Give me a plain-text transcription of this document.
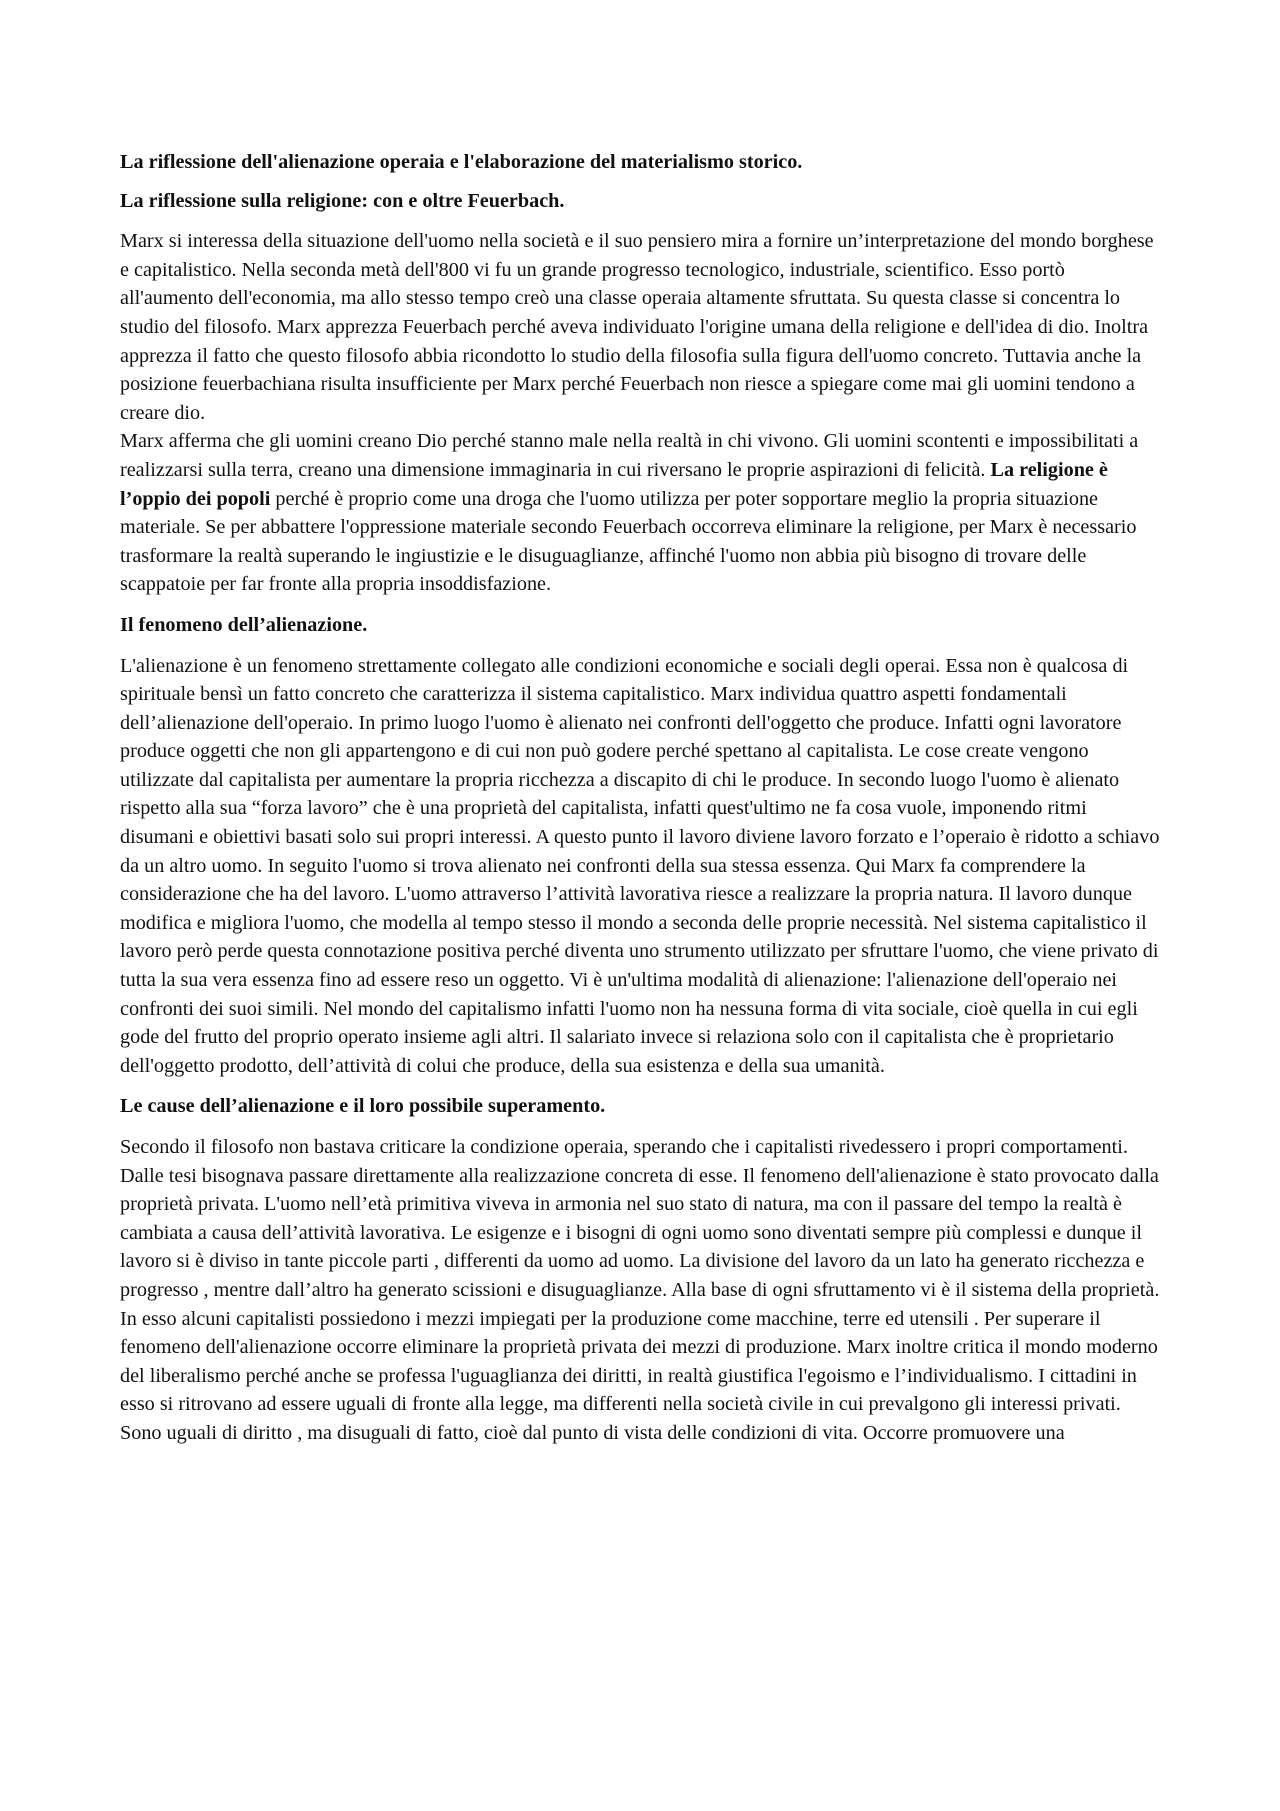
La riflessione dell'alienazione operaia e l'elaborazione del materialismo storico.

La riflessione sulla religione: con e oltre Feuerbach.

Marx si interessa della situazione dell'uomo nella società e il suo pensiero mira a fornire un’interpretazione del mondo borghese e capitalistico. Nella seconda metà dell'800 vi fu un grande progresso tecnologico, industriale, scientifico. Esso portò all'aumento dell'economia, ma allo stesso tempo creò una classe operaia altamente sfruttata. Su questa classe si concentra lo studio del filosofo. Marx apprezza Feuerbach perché aveva individuato l'origine umana della religione e dell'idea di dio. Inoltra apprezza il fatto che questo filosofo abbia ricondotto lo studio della filosofia sulla figura dell'uomo concreto. Tuttavia anche la posizione feuerbachiana risulta insufficiente per Marx perché Feuerbach non riesce a spiegare come mai gli uomini tendono a creare dio.

Marx afferma che gli uomini creano Dio perché stanno male nella realtà in chi vivono. Gli uomini scontenti e impossibilitati a realizzarsi sulla terra, creano una dimensione immaginaria in cui riversano le proprie aspirazioni di felicità. La religione è l’oppio dei popoli perché è proprio come una droga che l'uomo utilizza per poter sopportare meglio la propria situazione materiale. Se per abbattere l'oppressione materiale secondo Feuerbach occorreva eliminare la religione, per Marx è necessario trasformare la realtà superando le ingiustizie e le disuguaglianze, affinché l'uomo non abbia più bisogno di trovare delle scappatoie per far fronte alla propria insoddisfazione.

Il fenomeno dell’alienazione.

L'alienazione è un fenomeno strettamente collegato alle condizioni economiche e sociali degli operai. Essa non è qualcosa di spirituale bensì un fatto concreto che caratterizza il sistema capitalistico. Marx individua quattro aspetti fondamentali dell’alienazione dell'operaio. In primo luogo l'uomo è alienato nei confronti dell'oggetto che produce. Infatti ogni lavoratore produce oggetti che non gli appartengono e di cui non può godere perché spettano al capitalista. Le cose create vengono utilizzate dal capitalista per aumentare la propria ricchezza a discapito di chi le produce. In secondo luogo l'uomo è alienato rispetto alla sua “forza lavoro” che è una proprietà del capitalista, infatti quest'ultimo ne fa cosa vuole, imponendo ritmi disumani e obiettivi basati solo sui propri interessi. A questo punto il lavoro diviene lavoro forzato e l’operaio è ridotto a schiavo da un altro uomo. In seguito l'uomo si trova alienato nei confronti della sua stessa essenza. Qui Marx fa comprendere la considerazione che ha del lavoro. L'uomo attraverso l’attività lavorativa riesce a realizzare la propria natura. Il lavoro dunque modifica e migliora l'uomo, che modella al tempo stesso il mondo a seconda delle proprie necessità. Nel sistema capitalistico il lavoro però perde questa connotazione positiva perché diventa uno strumento utilizzato per sfruttare l'uomo, che viene privato di tutta la sua vera essenza fino ad essere reso un oggetto. Vi è un'ultima modalità di alienazione: l'alienazione dell'operaio nei confronti dei suoi simili. Nel mondo del capitalismo infatti l'uomo non ha nessuna forma di vita sociale, cioè quella in cui egli gode del frutto del proprio operato insieme agli altri. Il salariato invece si relaziona solo con il capitalista che è proprietario dell'oggetto prodotto, dell’attività di colui che produce, della sua esistenza e della sua umanità.

Le cause dell’alienazione e il loro possibile superamento.

Secondo il filosofo non bastava criticare la condizione operaia, sperando che i capitalisti rivedessero i propri comportamenti. Dalle tesi bisognava passare direttamente alla realizzazione concreta di esse. Il fenomeno dell'alienazione è stato provocato dalla proprietà privata. L'uomo nell’età primitiva viveva in armonia nel suo stato di natura, ma con il passare del tempo la realtà è cambiata a causa dell’attività lavorativa. Le esigenze e i bisogni di ogni uomo sono diventati sempre più complessi e dunque il lavoro si è diviso in tante piccole parti , differenti da uomo ad uomo. La divisione del lavoro da un lato ha generato ricchezza e progresso , mentre dall’altro ha generato scissioni e disuguaglianze. Alla base di ogni sfruttamento vi è il sistema della proprietà. In esso alcuni capitalisti possiedono i mezzi impiegati per la produzione come macchine, terre ed utensili . Per superare il fenomeno dell'alienazione occorre eliminare la proprietà privata dei mezzi di produzione. Marx inoltre critica il mondo moderno del liberalismo perché anche se professa l'uguaglianza dei diritti, in realtà giustifica l'egoismo e l’individualismo. I cittadini in esso si ritrovano ad essere uguali di fronte alla legge, ma differenti nella società civile in cui prevalgono gli interessi privati. Sono uguali di diritto , ma disuguali di fatto, cioè dal punto di vista delle condizioni di vita. Occorre promuovere una
